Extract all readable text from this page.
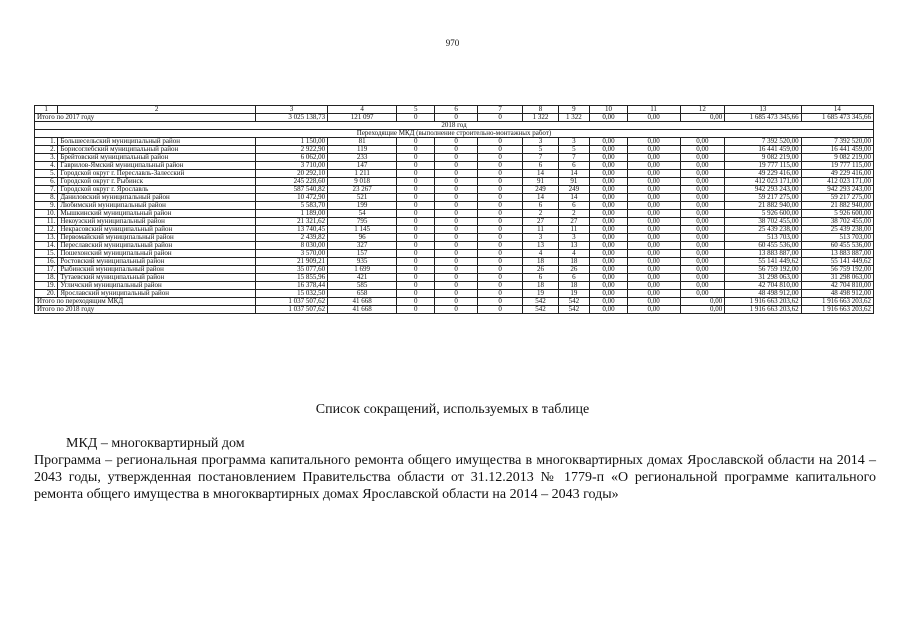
970
1	2	3	4	5	6	7	8	9	10	11	12	13	14
Итого по 2017 году		3 025 138,73	121 097	0	0	0	1 322	1 322	0,00	0,00	0,00	1 685 473 345,66	1 685 473 345,66
2018 год													
Переходящие МКД (выполнение строительно-монтажных работ)													
1.	Большесельский муниципальный район	1 150,00	81	0	0	0	3	3	0,00	0,00	0,00	7 392 520,00	7 392 520,00
2.	Борисоглебский муниципальный район	2 922,90	119	0	0	0	5	5	0,00	0,00	0,00	16 441 459,00	16 441 459,00
3.	Брейтовский муниципальный район	6 062,00	233	0	0	0	7	7	0,00	0,00	0,00	9 082 219,00	9 082 219,00
4.	Гаврилов-Ямский муниципальный район	3 710,00	147	0	0	0	6	6	0,00	0,00	0,00	19 777 115,00	19 777 115,00
5.	Городской округ г. Переславль-Залесский	20 292,10	1 211	0	0	0	14	14	0,00	0,00	0,00	49 229 416,00	49 229 416,00
6.	Городской округ г. Рыбинск	245 228,60	9 018	0	0	0	91	91	0,00	0,00	0,00	412 023 171,00	412 023 171,00
7.	Городской округ г. Ярославль	587 540,82	23 267	0	0	0	249	249	0,00	0,00	0,00	942 293 243,00	942 293 243,00
8.	Даниловский муниципальный район	10 472,90	521	0	0	0	14	14	0,00	0,00	0,00	59 217 275,00	59 217 275,00
9.	Любимский муниципальный район	5 583,70	199	0	0	0	6	6	0,00	0,00	0,00	21 882 940,00	21 882 940,00
10.	Мышкинский муниципальный район	1 189,00	54	0	0	0	2	2	0,00	0,00	0,00	5 926 600,00	5 926 600,00
11.	Некоузский муниципальный район	21 321,62	795	0	0	0	27	27	0,00	0,00	0,00	38 702 455,00	38 702 455,00
12.	Некрасовский муниципальный район	13 740,45	1 145	0	0	0	11	11	0,00	0,00	0,00	25 439 238,00	25 439 238,00
13.	Первомайский муниципальный район	2 439,82	96	0	0	0	3	3	0,00	0,00	0,00	513 703,00	513 703,00
14.	Переславский муниципальный район	8 030,00	327	0	0	0	13	13	0,00	0,00	0,00	60 455 536,00	60 455 536,00
15.	Пошехонский муниципальный район	3 570,00	157	0	0	0	4	4	0,00	0,00	0,00	13 883 887,00	13 883 887,00
16.	Ростовский муниципальный район	21 909,21	935	0	0	0	18	18	0,00	0,00	0,00	55 141 449,62	55 141 449,62
17.	Рыбинский муниципальный район	35 077,60	1 699	0	0	0	26	26	0,00	0,00	0,00	56 759 192,00	56 759 192,00
18.	Тутаевский муниципальный район	15 855,96	421	0	0	0	6	6	0,00	0,00	0,00	31 298 063,00	31 298 063,00
19.	Угличский муниципальный район	16 378,44	585	0	0	0	18	18	0,00	0,00	0,00	42 704 810,00	42 704 810,00
20.	Ярославский муниципальный район	15 032,50	658	0	0	0	19	19	0,00	0,00	0,00	48 498 912,00	48 498 912,00
Итого по переходящим МКД		1 037 507,62	41 668	0	0	0	542	542	0,00	0,00	0,00	1 916 663 203,62	1 916 663 203,62
Итого по 2018 году		1 037 507,62	41 668	0	0	0	542	542	0,00	0,00	0,00	1 916 663 203,62	1 916 663 203,62
Список сокращений, используемых в таблице
МКД – многоквартирный дом
Программа – региональная программа капитального ремонта общего имущества в многоквартирных домах Ярославской области на 2014 – 2043 годы, утвержденная постановлением Правительства области от 31.12.2013 № 1779-п «О региональной программе капитального ремонта общего имущества в многоквартирных домах Ярославской области на 2014 – 2043 годы»
